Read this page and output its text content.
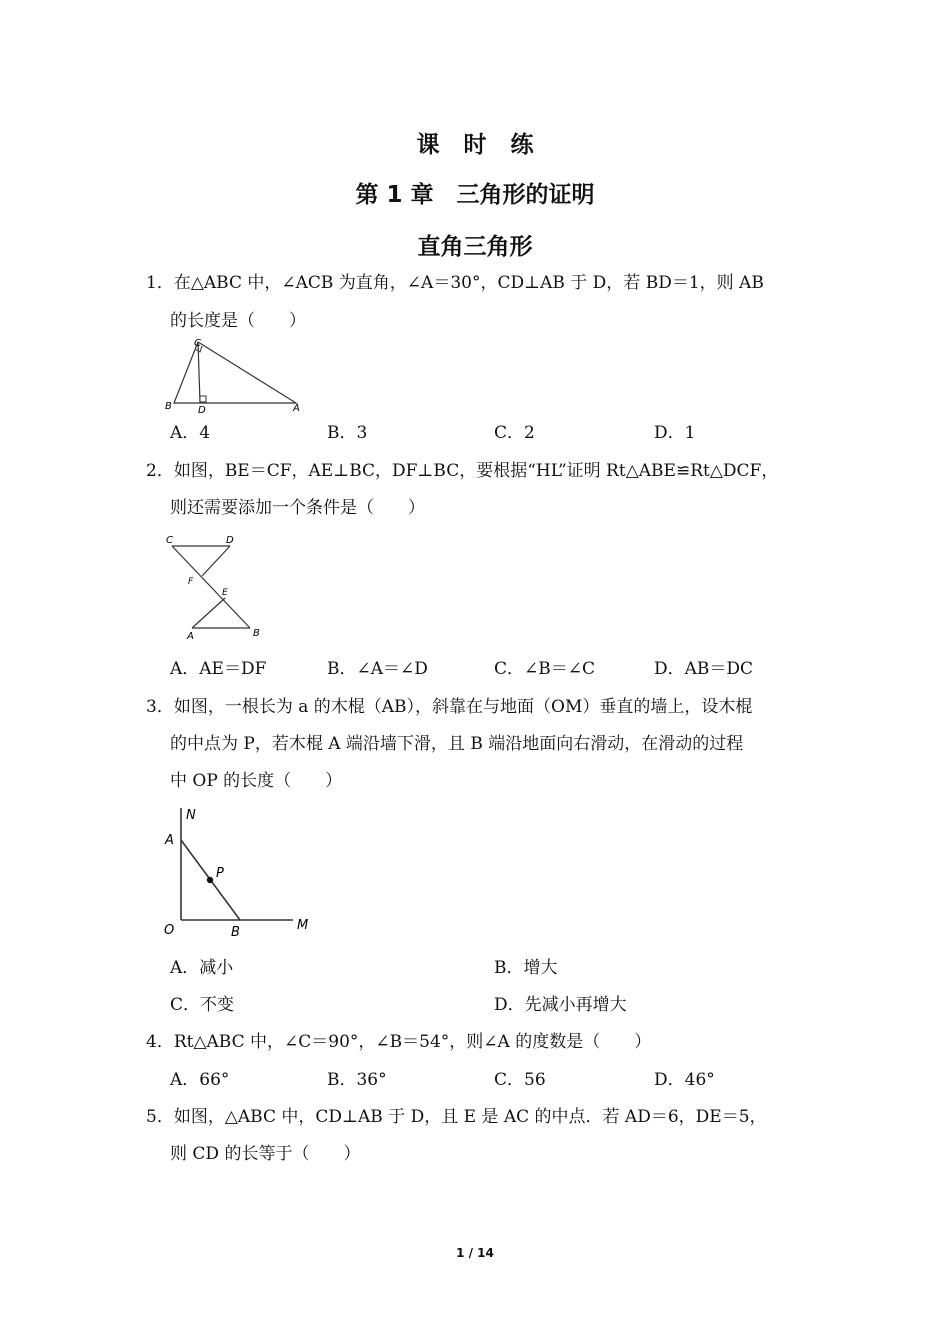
课时练
第 1 章　三角形的证明
直角三角形

1．在△ABC 中，∠ACB 为直角，∠A＝30°，CD⊥AB 于 D，若 BD＝1，则 AB

的长度是（　　）

C
B	D	A
A．4	B．3	C．2	D．1

2．如图，BE＝CF，AE⊥BC，DF⊥BC，要根据“HL”证明 Rt△ABE≌Rt△DCF，

则还需要添加一个条件是（　　）

C	D
F
E
A	B
A．AE＝DF	B．∠A＝∠D	C．∠B＝∠C	D．AB＝DC

3．如图，一根长为 a 的木棍（AB），斜靠在与地面（OM）垂直的墙上，设木棍

的中点为 P，若木棍 A 端沿墙下滑，且 B 端沿地面向右滑动，在滑动的过程

中 OP 的长度（　　）

N
A
P
O	B	M
A．减小	B．增大
C．不变	D．先减小再增大

4．Rt△ABC 中，∠C＝90°，∠B＝54°，则∠A 的度数是（　　）

A．66°	B．36°	C．56	D．46°

5．如图，△ABC 中，CD⊥AB 于 D，且 E 是 AC 的中点．若 AD＝6，DE＝5，

则 CD 的长等于（　　）

1 / 14
